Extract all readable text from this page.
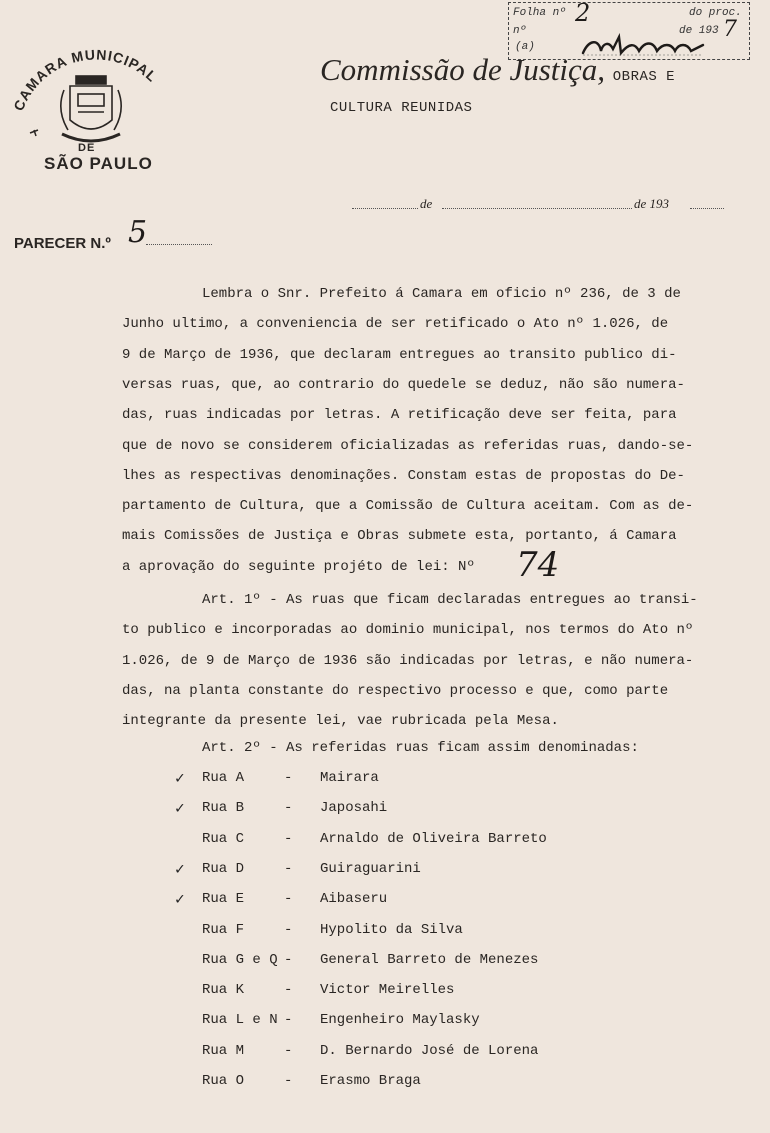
Folha nº 2	do proc.
nº	de 193 7
(a)
CAMARA MUNICIPAL
DE
SÃO PAULO
Commissão de Justiça, OBRAS E
CULTURA REUNIDAS
de	de 193
PARECER N.º 5
Lembra o Snr. Prefeito á Camara em oficio nº 236, de 3 de
Junho ultimo, a conveniencia de ser retificado o Ato nº 1.026, de
9 de Março de 1936, que declaram entregues ao transito publico di-
versas ruas, que, ao contrario do quedele se deduz, não são numera-
das, ruas indicadas por letras. A retificação deve ser feita, para
que de novo se considerem oficializadas as referidas ruas, dando-se-
lhes as respectivas denominações. Constam estas de propostas do De-
partamento de Cultura, que a Comissão de Cultura aceitam. Com as de-
mais Comissões de Justiça e Obras submete esta, portanto, á Camara
a aprovação do seguinte projéto de lei: Nº 74
Art. 1º - As ruas que ficam declaradas entregues ao transi-
to publico e incorporadas ao dominio municipal, nos termos do Ato nº
1.026, de 9 de Março de 1936 são indicadas por letras, e não numera-
das, na planta constante do respectivo processo e que, como parte
integrante da presente lei, vae rubricada pela Mesa.
Art. 2º - As referidas ruas ficam assim denominadas:
✓ Rua A	- Mairara
✓ Rua B	- Japosahi
Rua C	- Arnaldo de Oliveira Barreto
✓ Rua D	- Guiraguarini
✓ Rua E	- Aibaseru
Rua F	- Hypolito da Silva
Rua G e Q - General Barreto de Menezes
Rua K	- Victor Meirelles
Rua L e N - Engenheiro Maylasky
Rua M	- D. Bernardo José de Lorena
Rua O	- Erasmo Braga
